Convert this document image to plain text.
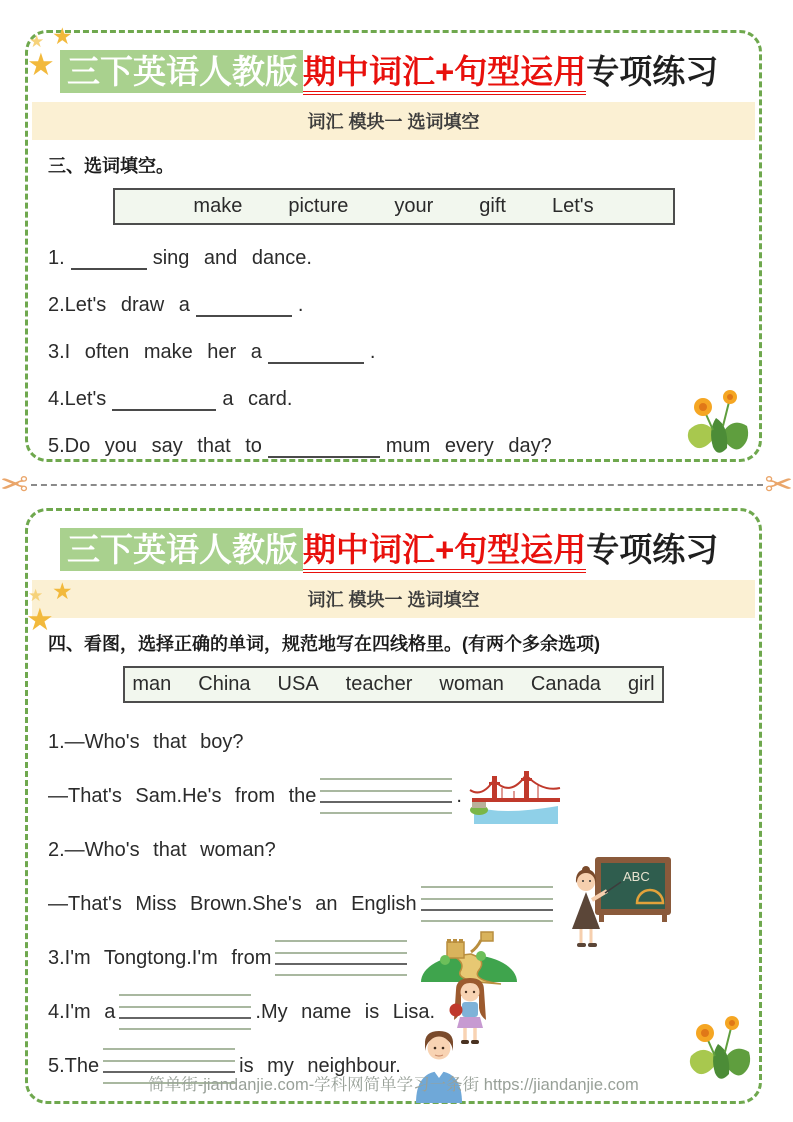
★ ★
★ 三下英语人教版 期中词汇+句型运用专项练习
词汇 模块一 选词填空
三、选词填空。
make picture your gift Let's
1.	sing and dance.
2.Let's draw a	.
3.I often make her a	.
4.Let's	a card.
5.Do you say that to	mum every day?
✂	✂
★ ★
★
三下英语人教版 期中词汇+句型运用专项练习
词汇 模块一 选词填空
四、看图，选择正确的单词，规范地写在四线格里。(有两个多余选项)
man China USA teacher woman Canada girl
1.—Who's that boy?
—That's Sam.He's from the	.
2.—Who's that woman?
—That's Miss Brown.She's an English
ABC
3.I'm Tongtong.I'm from
4.I'm a	.My name is Lisa.
5.The	is my neighbour.
简单街-jiandanjie.com-学科网简单学习一条街 https://jiandanjie.com
